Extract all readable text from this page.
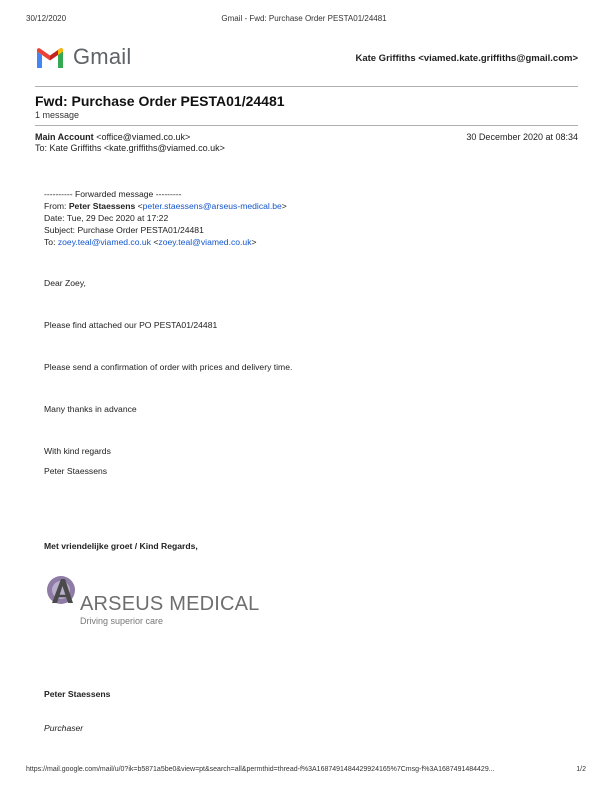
30/12/2020	Gmail - Fwd: Purchase Order PESTA01/24481
Gmail	Kate Griffiths <viamed.kate.griffiths@gmail.com>
Fwd: Purchase Order PESTA01/24481
1 message
Main Account <office@viamed.co.uk>	30 December 2020 at 08:34
To: Kate Griffiths <kate.griffiths@viamed.co.uk>
---------- Forwarded message ---------
From: Peter Staessens <peter.staessens@arseus-medical.be>
Date: Tue, 29 Dec 2020 at 17:22
Subject: Purchase Order PESTA01/24481
To: zoey.teal@viamed.co.uk <zoey.teal@viamed.co.uk>
Dear Zoey,
Please find attached our PO PESTA01/24481
Please send a confirmation of order with prices and delivery time.
Many thanks in advance
With kind regards
Peter Staessens
Met vriendelijke groet / Kind Regards,
ARSEUS MEDICAL
Driving superior care
Peter Staessens
Purchaser
https://mail.google.com/mail/u/0?ik=b5871a5be0&view=pt&search=all&permthid=thread-f%3A1687491484429924165%7Cmsg-f%3A1687491484429...	1/2
